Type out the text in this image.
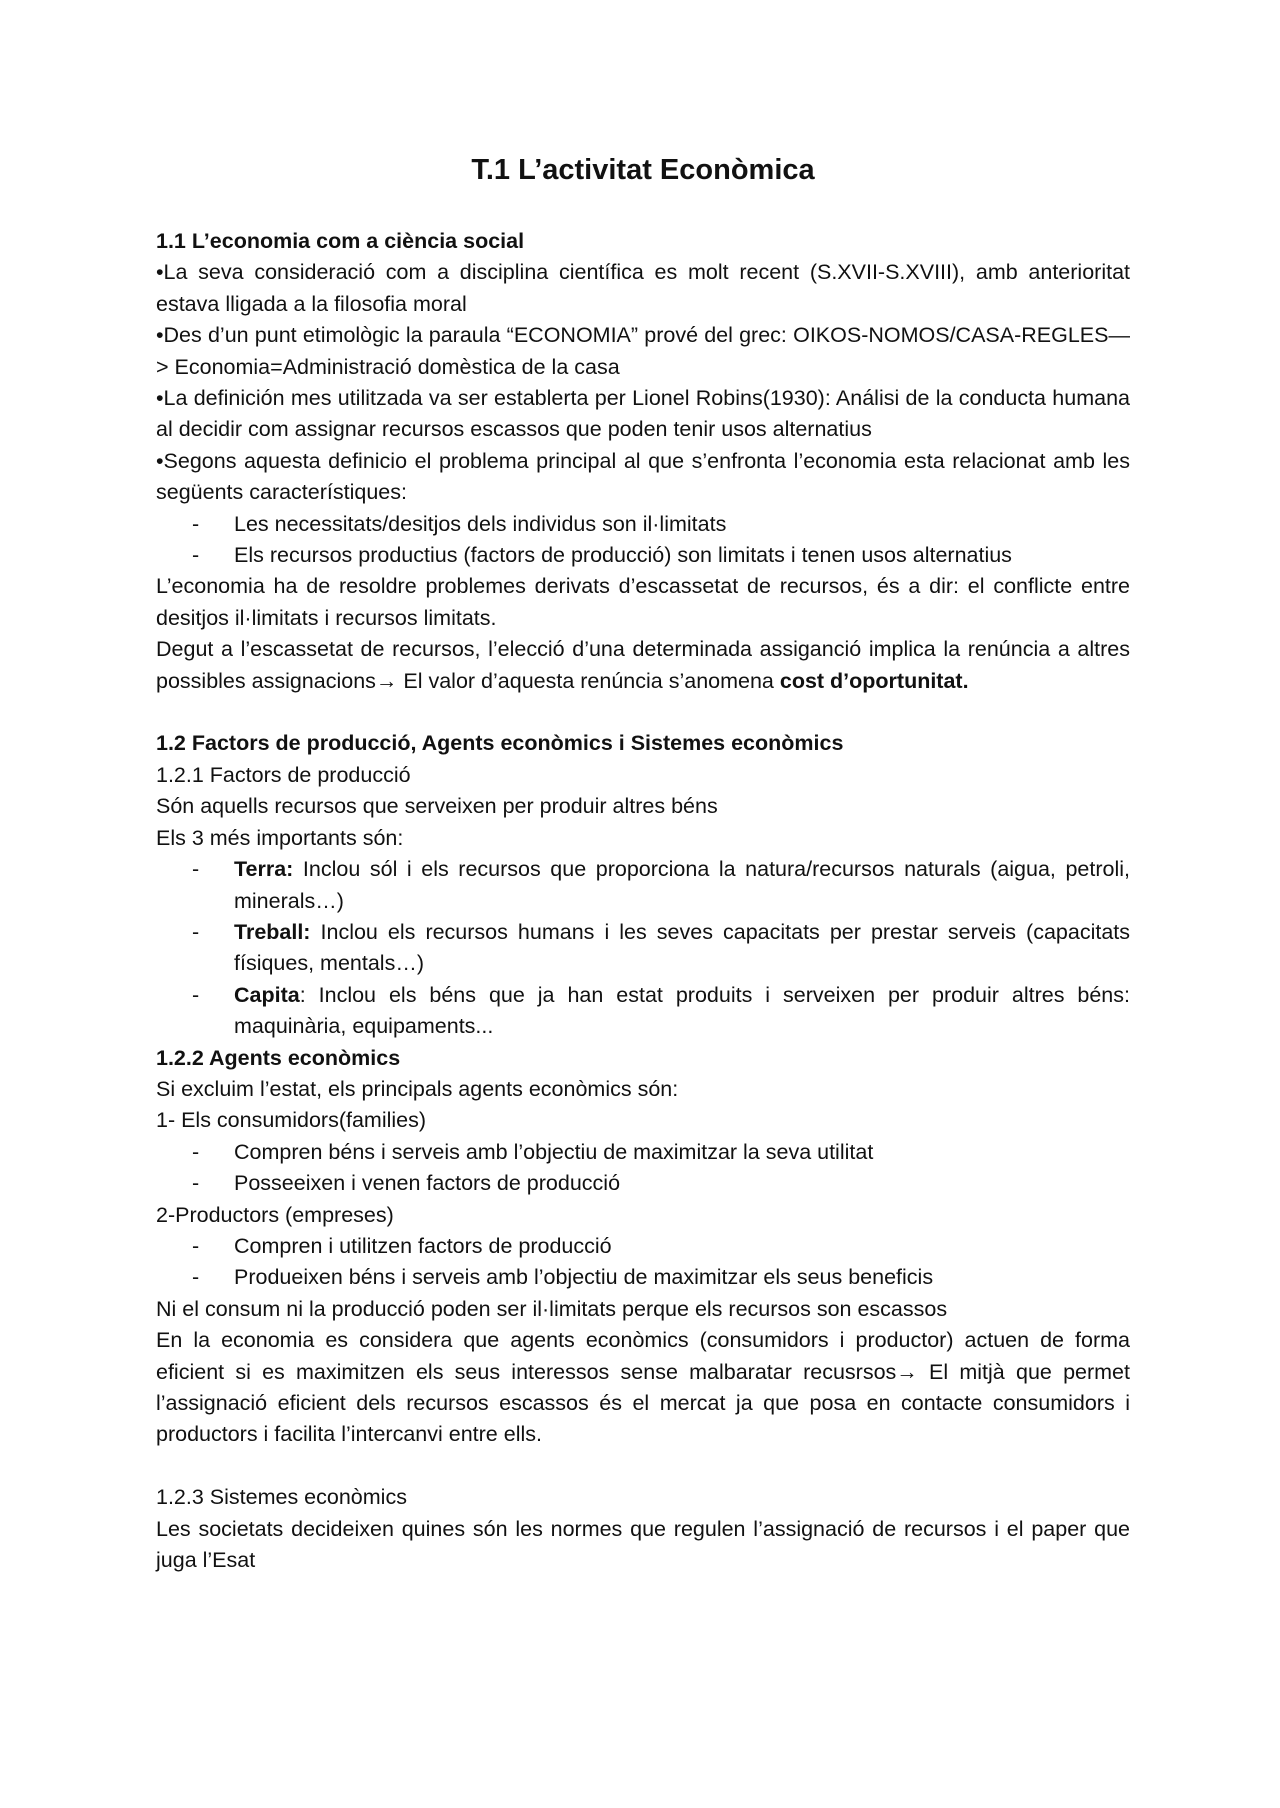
T.1 L’activitat Econòmica

1.1 L’economia com a ciència social

•La seva consideració com a disciplina científica es molt recent (S.XVII-S.XVIII), amb anterioritat estava lligada a la filosofia moral

•Des d’un punt etimològic la paraula “ECONOMIA” prové del grec: OIKOS-NOMOS/CASA-REGLES—> Economia=Administració domèstica de la casa

•La definición mes utilitzada va ser establerta per Lionel Robins(1930): Análisi de la conducta humana al decidir com assignar recursos escassos que poden tenir usos alternatius

•Segons aquesta definicio el problema principal al que s’enfronta l’economia esta relacionat amb les següents característiques:

- Les necessitats/desitjos dels individus son il·limitats
- Els recursos productius (factors de producció) son limitats i tenen usos alternatius

L’economia ha de resoldre problemes derivats d’escassetat de recursos, és a dir: el conflicte entre desitjos il·limitats i recursos limitats.

Degut a l’escassetat de recursos, l’elecció d’una determinada assiganció implica la renúncia a altres possibles assignacions→ El valor d’aquesta renúncia s’anomena cost d’oportunitat.

1.2 Factors de producció, Agents econòmics i Sistemes econòmics

1.2.1 Factors de producció

Són aquells recursos que serveixen per produir altres béns

Els 3 més importants són:

- Terra: Inclou sól i els recursos que proporciona la natura/recursos naturals (aigua, petroli, minerals…)
- Treball: Inclou els recursos humans i les seves capacitats per prestar serveis (capacitats físiques, mentals…)
- Capita: Inclou els béns que ja han estat produits i serveixen per produir altres béns: maquinària, equipaments...

1.2.2 Agents econòmics

Si excluim l’estat, els principals agents econòmics són:

1- Els consumidors(families)

- Compren béns i serveis amb l’objectiu de maximitzar la seva utilitat
- Posseeixen i venen factors de producció

2-Productors (empreses)

- Compren i utilitzen factors de producció
- Produeixen béns i serveis amb l’objectiu de maximitzar els seus beneficis

Ni el consum ni la producció poden ser il·limitats perque els recursos son escassos

En la economia es considera que agents econòmics (consumidors i productor) actuen de forma eficient si es maximitzen els seus interessos sense malbaratar recusrsos→ El mitjà que permet l’assignació eficient dels recursos escassos és el mercat ja que posa en contacte consumidors i productors i facilita l’intercanvi entre ells.

1.2.3 Sistemes econòmics

Les societats decideixen quines són les normes que regulen l’assignació de recursos i el paper que juga l’Esat
